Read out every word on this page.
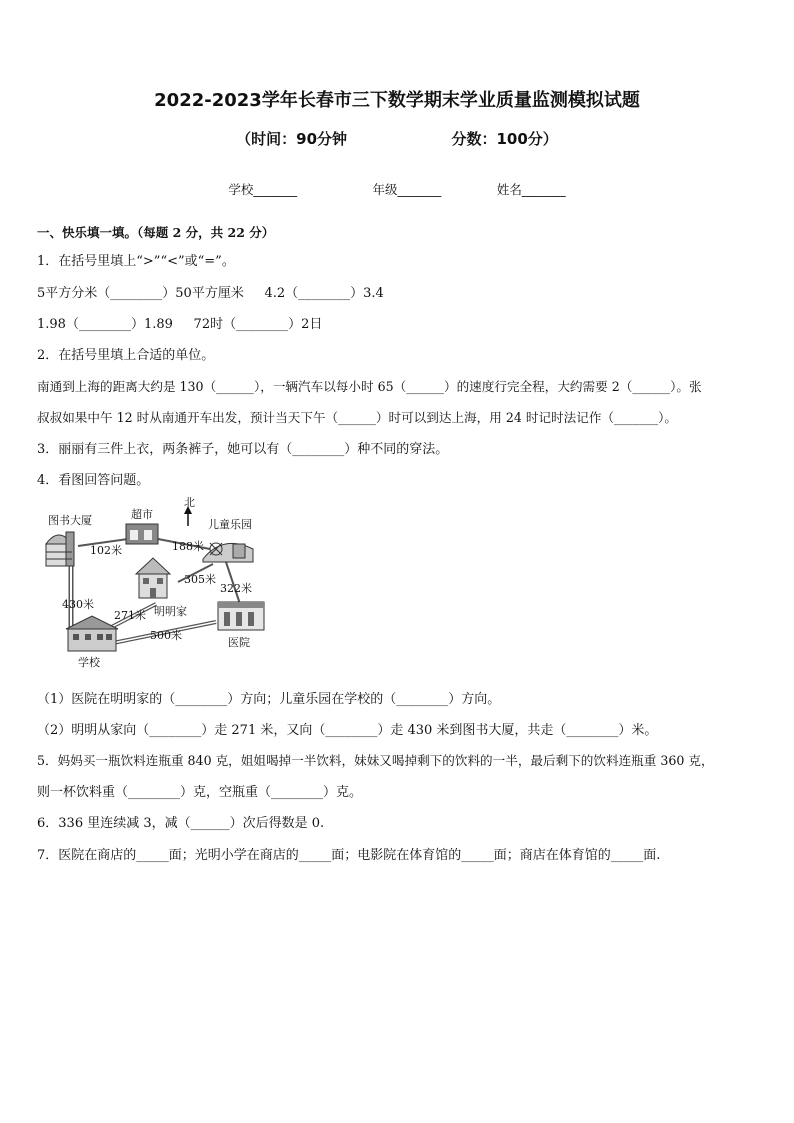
2022-2023学年长春市三下数学期末学业质量监测模拟试题
（时间：90分钟                    分数：100分）
学校_______                   年级_______              姓名_______
一、快乐填一填。（每题 2 分，共 22 分）
1．在括号里填上“>”“<”或“=”。
5平方分米（________）50平方厘米     4.2（________）3.4
1.98（________）1.89     72时（________）2日
2．在括号里填上合适的单位。
南通到上海的距离大约是 130（______），一辆汽车以每小时 65（______）的速度行完全程，大约需要 2（______）。张
叔叔如果中午 12 时从南通开车出发，预计当天下午（______）时可以到达上海，用 24 时记时法记作（_______）。
3．丽丽有三件上衣，两条裤子，她可以有（________）种不同的穿法。
4．看图回答问题。
图书大厦	超市
北
儿童乐园
明明家
学校
医院
102米	188米
305米
322米
430米
271米
500米
（1）医院在明明家的（________）方向；儿童乐园在学校的（________）方向。
（2）明明从家向（________）走 271 米，又向（________）走 430 米到图书大厦，共走（________）米。
5．妈妈买一瓶饮料连瓶重 840 克，姐姐喝掉一半饮料，妹妹又喝掉剩下的饮料的一半，最后剩下的饮料连瓶重 360 克，
则一杯饮料重（________）克，空瓶重（________）克。
6．336 里连续减 3，减（______）次后得数是 0.
7．医院在商店的_____面；光明小学在商店的_____面；电影院在体育馆的_____面；商店在体育馆的_____面.
